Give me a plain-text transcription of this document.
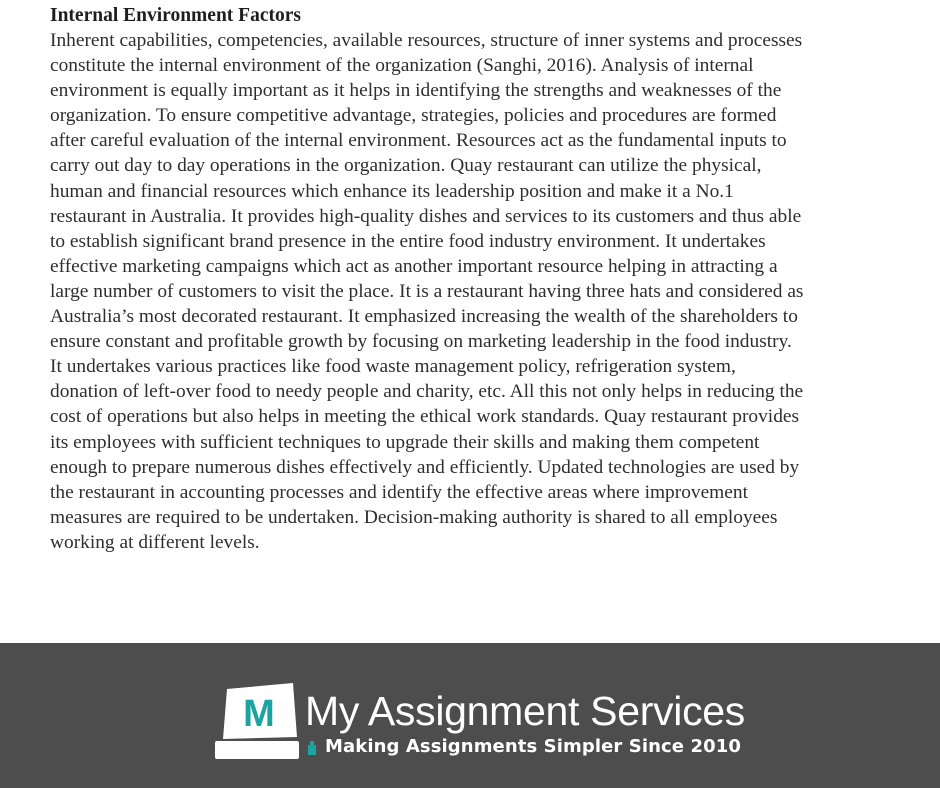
Internal Environment Factors
Inherent capabilities, competencies, available resources, structure of inner systems and processes
constitute the internal environment of the organization (Sanghi, 2016). Analysis of internal
environment is equally important as it helps in identifying the strengths and weaknesses of the
organization. To ensure competitive advantage, strategies, policies and procedures are formed
after careful evaluation of the internal environment. Resources act as the fundamental inputs to
carry out day to day operations in the organization. Quay restaurant can utilize the physical,
human and financial resources which enhance its leadership position and make it a No.1
restaurant in Australia. It provides high-quality dishes and services to its customers and thus able
to establish significant brand presence in the entire food industry environment. It undertakes
effective marketing campaigns which act as another important resource helping in attracting a
large number of customers to visit the place. It is a restaurant having three hats and considered as
Australia’s most decorated restaurant. It emphasized increasing the wealth of the shareholders to
ensure constant and profitable growth by focusing on marketing leadership in the food industry.
It undertakes various practices like food waste management policy, refrigeration system,
donation of left-over food to needy people and charity, etc. All this not only helps in reducing the
cost of operations but also helps in meeting the ethical work standards. Quay restaurant provides
its employees with sufficient techniques to upgrade their skills and making them competent
enough to prepare numerous dishes effectively and efficiently. Updated technologies are used by
the restaurant in accounting processes and identify the effective areas where improvement
measures are required to be undertaken. Decision-making authority is shared to all employees
working at different levels.
M My Assignment Services
Making Assignments Simpler Since 2010
